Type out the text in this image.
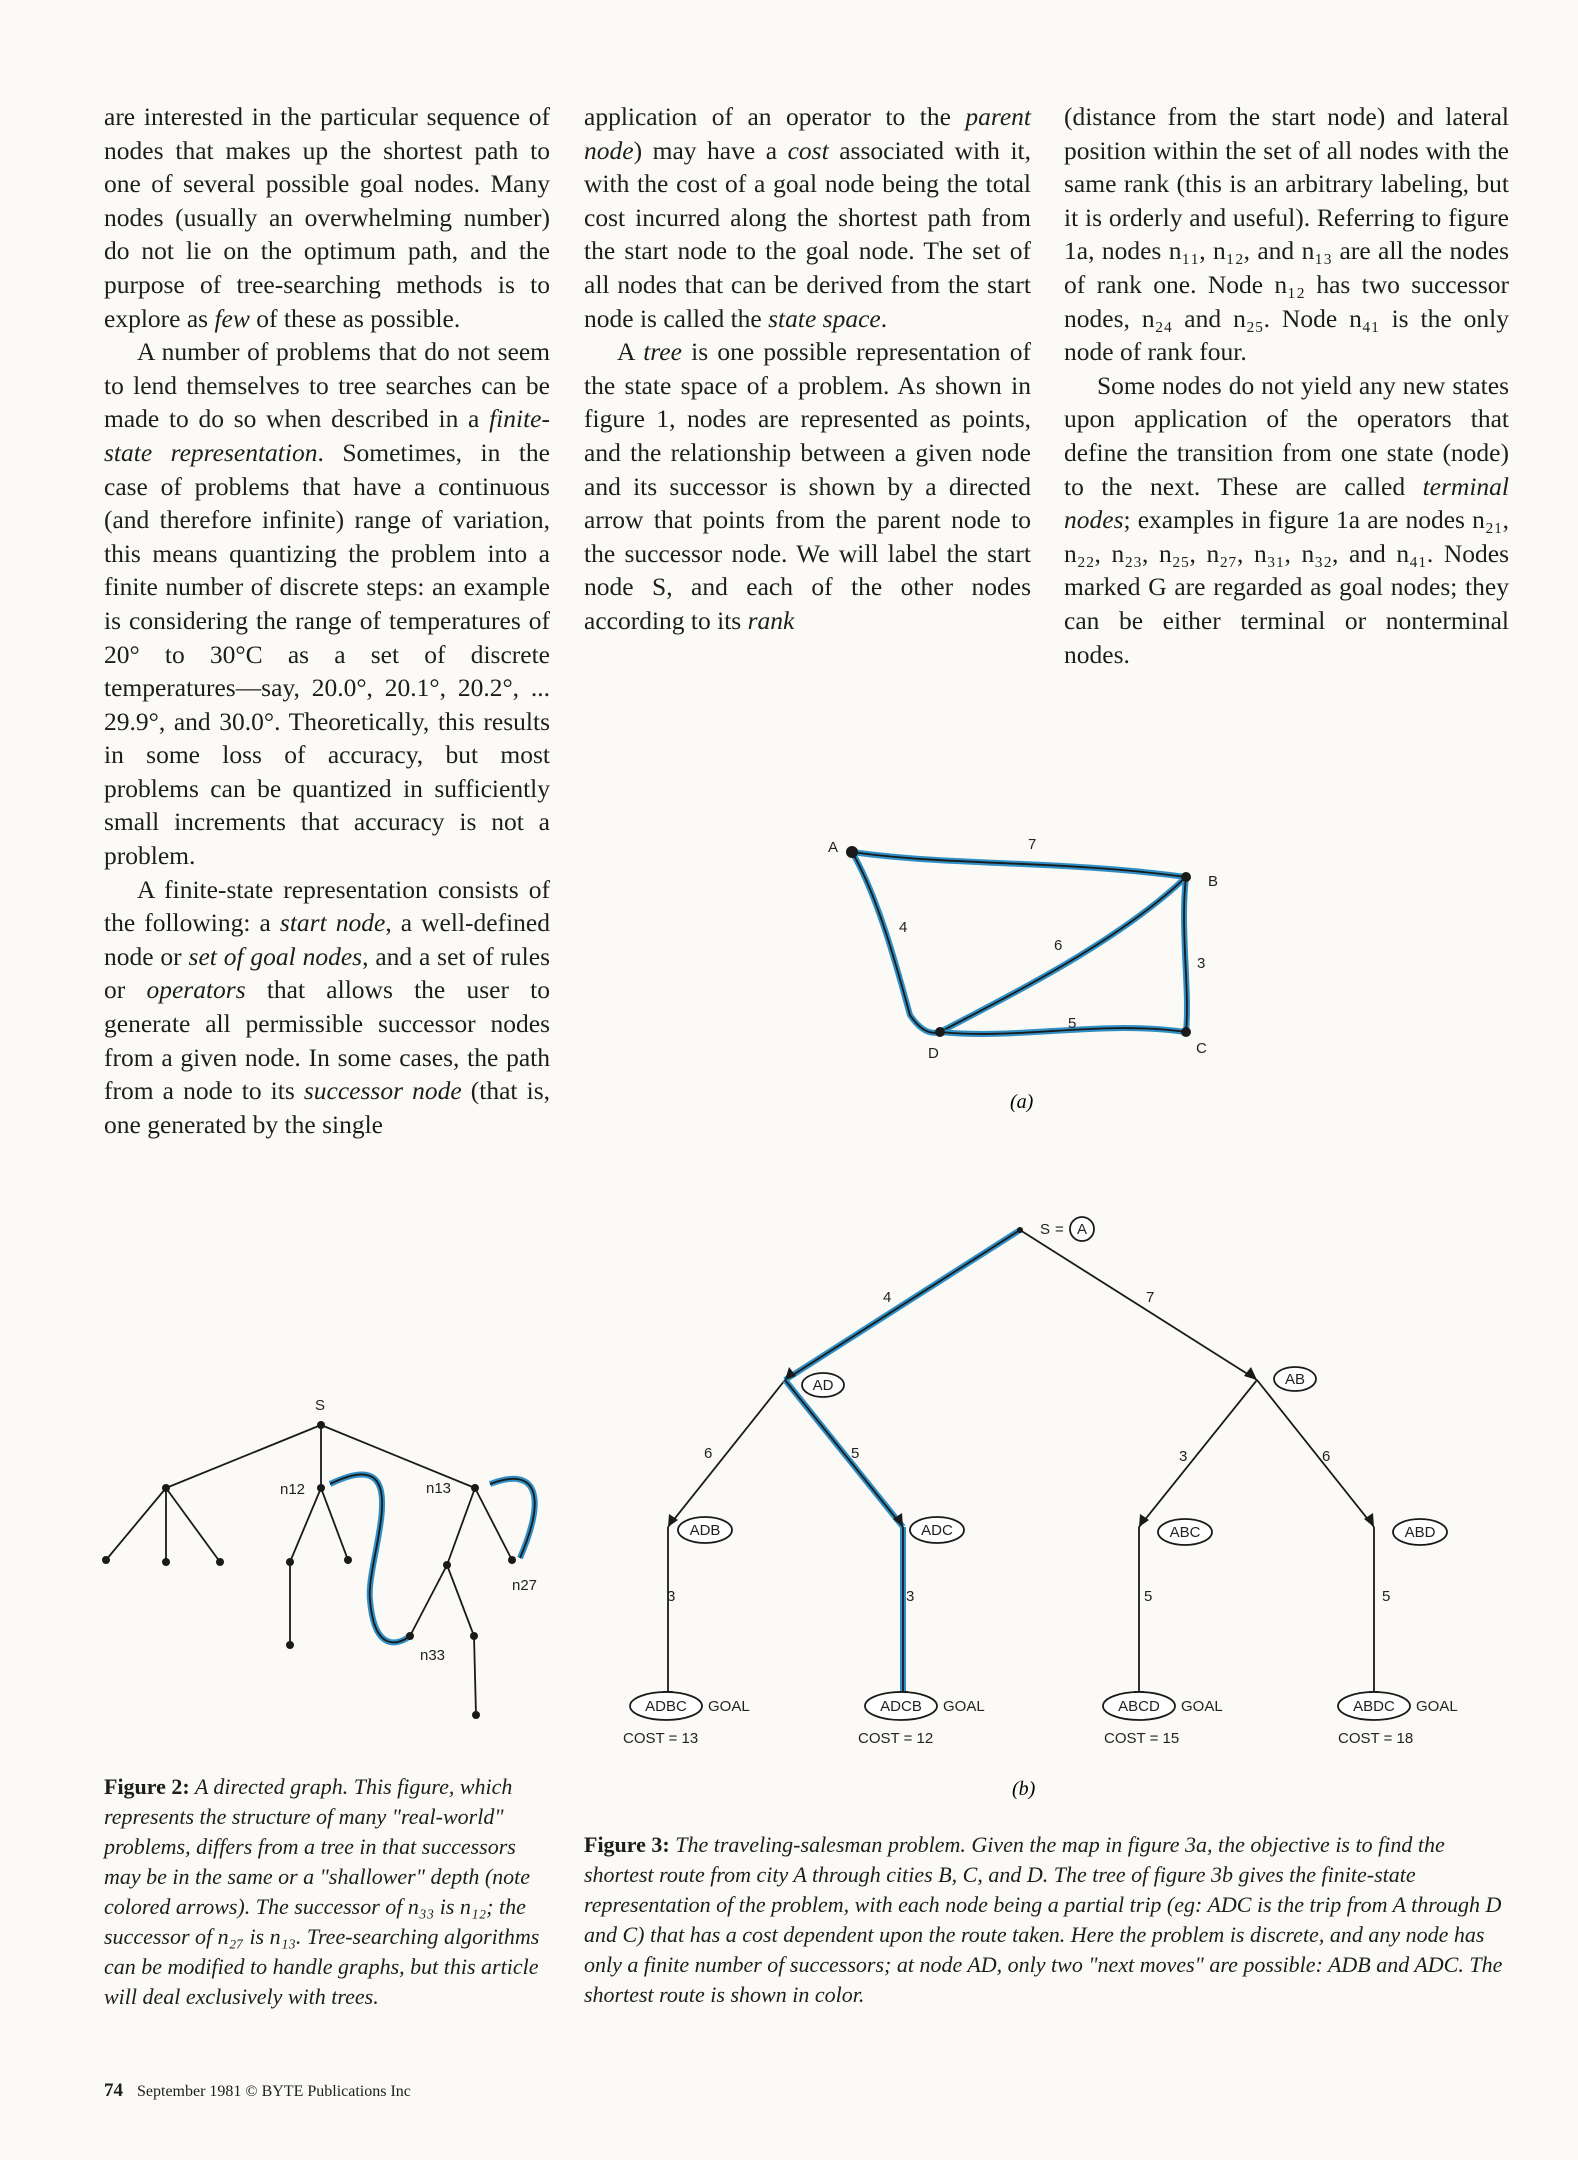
are interested in the particular sequence of nodes that makes up the shortest path to one of several possible goal nodes. Many nodes (usually an overwhelming number) do not lie on the optimum path, and the purpose of tree-searching methods is to explore as few of these as possible.

A number of problems that do not seem to lend themselves to tree searches can be made to do so when described in a finite-state representation. Sometimes, in the case of problems that have a continuous (and therefore infinite) range of variation, this means quantizing the problem into a finite number of discrete steps: an example is considering the range of temperatures of 20° to 30°C as a set of discrete temperatures—say, 20.0°, 20.1°, 20.2°, ... 29.9°, and 30.0°. Theoretically, this results in some loss of accuracy, but most problems can be quantized in sufficiently small increments that accuracy is not a problem.

A finite-state representation consists of the following: a start node, a well-defined node or set of goal nodes, and a set of rules or operators that allows the user to generate all permissible successor nodes from a given node. In some cases, the path from a node to its successor node (that is, one generated by the single

application of an operator to the parent node) may have a cost associated with it, with the cost of a goal node being the total cost incurred along the shortest path from the start node to the goal node. The set of all nodes that can be derived from the start node is called the state space.

A tree is one possible representation of the state space of a problem. As shown in figure 1, nodes are represented as points, and the relationship between a given node and its successor is shown by a directed arrow that points from the parent node to the successor node. We will label the start node S, and each of the other nodes according to its rank

(distance from the start node) and lateral position within the set of all nodes with the same rank (this is an arbitrary labeling, but it is orderly and useful). Referring to figure 1a, nodes n₁₁, n₁₂, and n₁₃ are all the nodes of rank one. Node n₁₂ has two successor nodes, n₂₄ and n₂₅. Node n₄₁ is the only node of rank four.

Some nodes do not yield any new states upon application of the operators that define the transition from one state (node) to the next. These are called terminal nodes; examples in figure 1a are nodes n₂₁, n₂₂, n₂₃, n₂₅, n₂₇, n₃₁, n₃₂, and n₄₁. Nodes marked G are regarded as goal nodes; they can be either terminal or nonterminal nodes.

A
B
C
D
7
4
6
3
5
(a)
S = A
AD	AB
ADB	ADC	ABC	ABD
ADBC GOAL
COST = 13
ADCB GOAL
COST = 12
ABCD GOAL
COST = 15
ABDC GOAL
COST = 18
4	7
6	5	3	6
3	3	5	5
(b)
S
n12	n13
n27
n33
Figure 2: A directed graph. This figure, which represents the structure of many "real-world" problems, differs from a tree in that successors may be in the same or a "shallower" depth (note colored arrows). The successor of n₃₃ is n₁₂; the successor of n₂₇ is n₁₃. Tree-searching algorithms can be modified to handle graphs, but this article will deal exclusively with trees.
Figure 3: The traveling-salesman problem. Given the map in figure 3a, the objective is to find the shortest route from city A through cities B, C, and D. The tree of figure 3b gives the finite-state representation of the problem, with each node being a partial trip (eg: ADC is the trip from A through D and C) that has a cost dependent upon the route taken. Here the problem is discrete, and any node has only a finite number of successors; at node AD, only two "next moves" are possible: ADB and ADC. The shortest route is shown in color.
74 September 1981 © BYTE Publications Inc
